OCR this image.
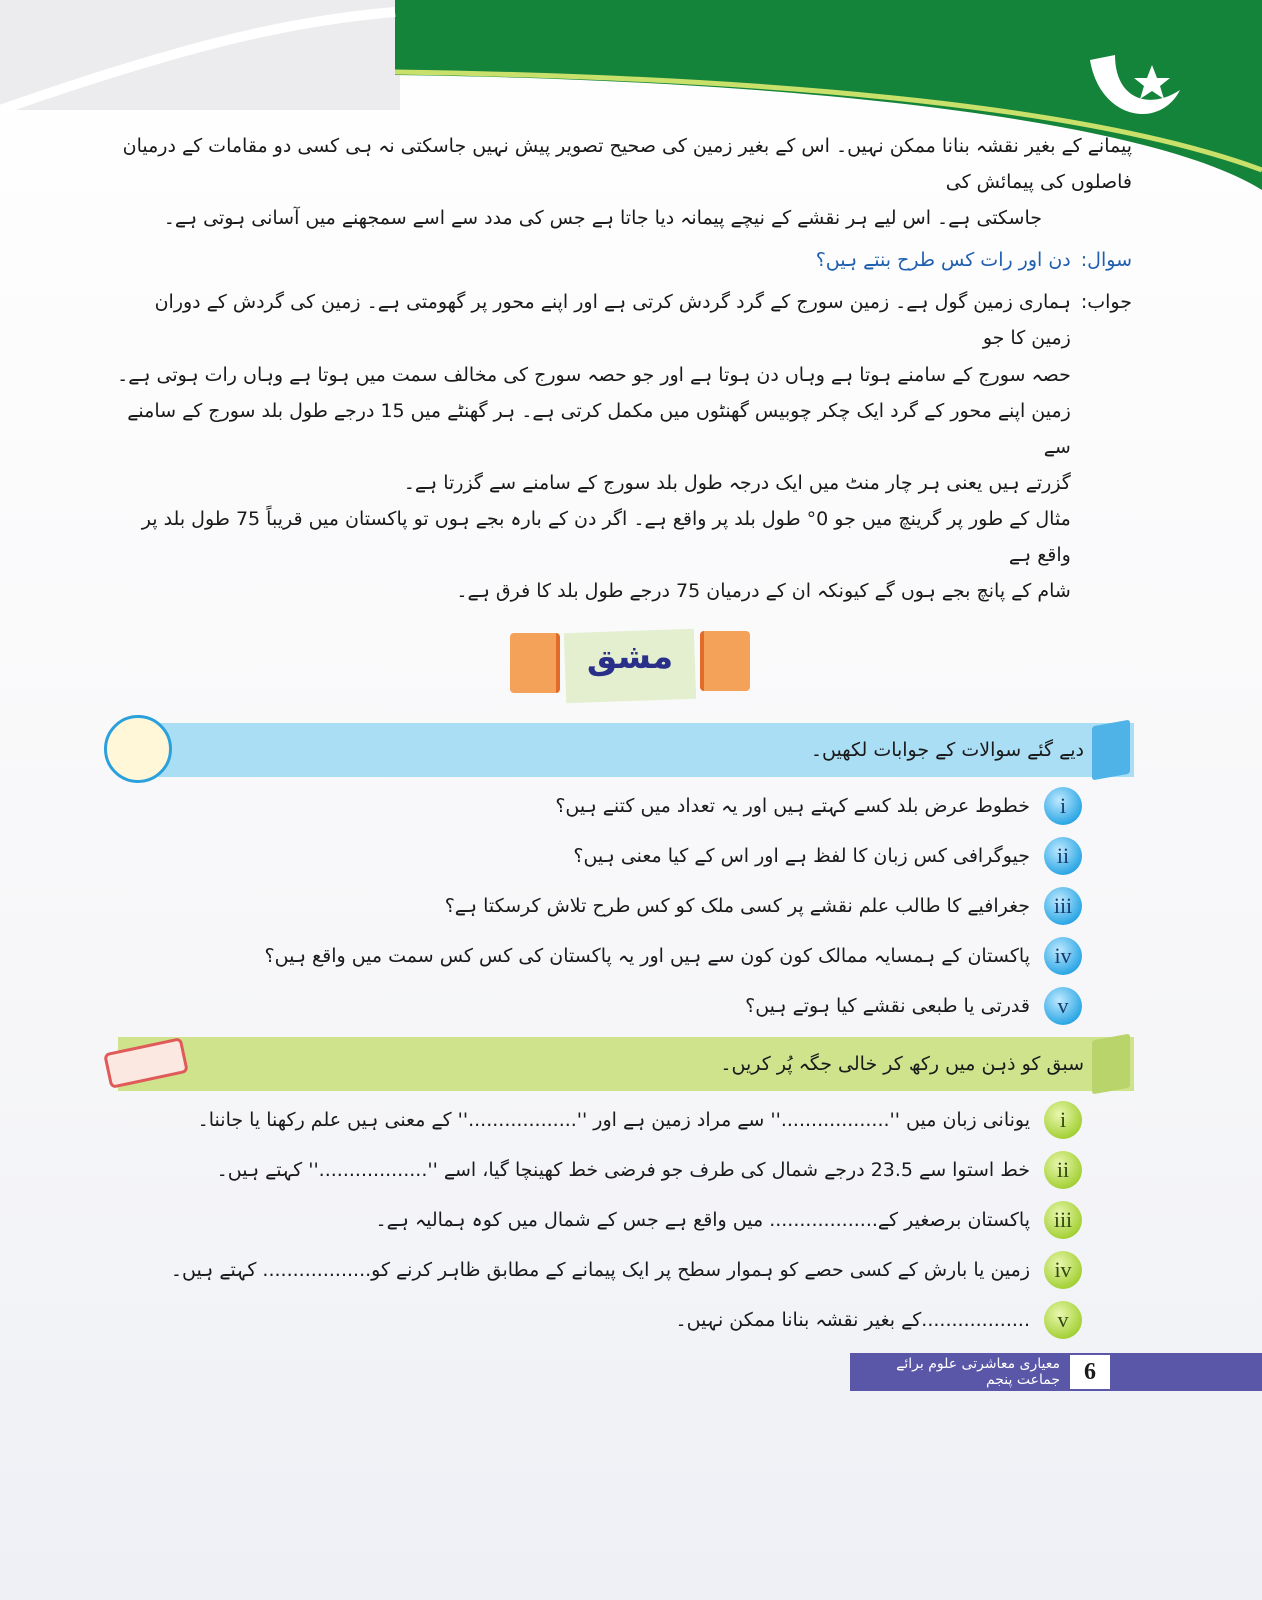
پیمانے کے بغیر نقشہ بنانا ممکن نہیں۔ اس کے بغیر زمین کی صحیح تصویر پیش نہیں جاسکتی نہ ہی کسی دو مقامات کے درمیان فاصلوں کی پیمائش کی
جاسکتی ہے۔ اس لیے ہر نقشے کے نیچے پیمانہ دیا جاتا ہے جس کی مدد سے اسے سمجھنے میں آسانی ہوتی ہے۔
سوال:
دن اور رات کس طرح بنتے ہیں؟
جواب:
ہماری زمین گول ہے۔ زمین سورج کے گرد گردش کرتی ہے اور اپنے محور پر گھومتی ہے۔ زمین کی گردش کے دوران زمین کا جو
حصہ سورج کے سامنے ہوتا ہے وہاں دن ہوتا ہے اور جو حصہ سورج کی مخالف سمت میں ہوتا ہے وہاں رات ہوتی ہے۔
زمین اپنے محور کے گرد ایک چکر چوبیس گھنٹوں میں مکمل کرتی ہے۔ ہر گھنٹے میں 15 درجے طول بلد سورج کے سامنے سے
گزرتے ہیں یعنی ہر چار منٹ میں ایک درجہ طول بلد سورج کے سامنے سے گزرتا ہے۔
مثال کے طور پر گرینچ میں جو 0° طول بلد پر واقع ہے۔ اگر دن کے بارہ بجے ہوں تو پاکستان میں قریباً 75 طول بلد پر واقع ہے
شام کے پانچ بجے ہوں گے کیونکہ ان کے درمیان 75 درجے طول بلد کا فرق ہے۔
مشق
دیے گئے سوالات کے جوابات لکھیں۔
i
خطوط عرض بلد کسے کہتے ہیں اور یہ تعداد میں کتنے ہیں؟
ii
جیوگرافی کس زبان کا لفظ ہے اور اس کے کیا معنی ہیں؟
iii
جغرافیے کا طالب علم نقشے پر کسی ملک کو کس طرح تلاش کرسکتا ہے؟
iv
پاکستان کے ہمسایہ ممالک کون کون سے ہیں اور یہ پاکستان کی کس کس سمت میں واقع ہیں؟
v
قدرتی یا طبعی نقشے کیا ہوتے ہیں؟
سبق کو ذہن میں رکھ کر خالی جگہ پُر کریں۔
i
یونانی زبان میں ''..................'' سے مراد زمین ہے اور ''..................'' کے معنی ہیں علم رکھنا یا جاننا۔
ii
خط استوا سے 23.5 درجے شمال کی طرف جو فرضی خط کھینچا گیا، اسے ''..................'' کہتے ہیں۔
iii
پاکستان برصغیر کے.................. میں واقع ہے جس کے شمال میں کوہ ہمالیہ ہے۔
iv
زمین یا بارش کے کسی حصے کو ہموار سطح پر ایک پیمانے کے مطابق ظاہر کرنے کو.................. کہتے ہیں۔
v
..................کے بغیر نقشہ بنانا ممکن نہیں۔
6
معیاری معاشرتی علوم برائے جماعت پنجم
